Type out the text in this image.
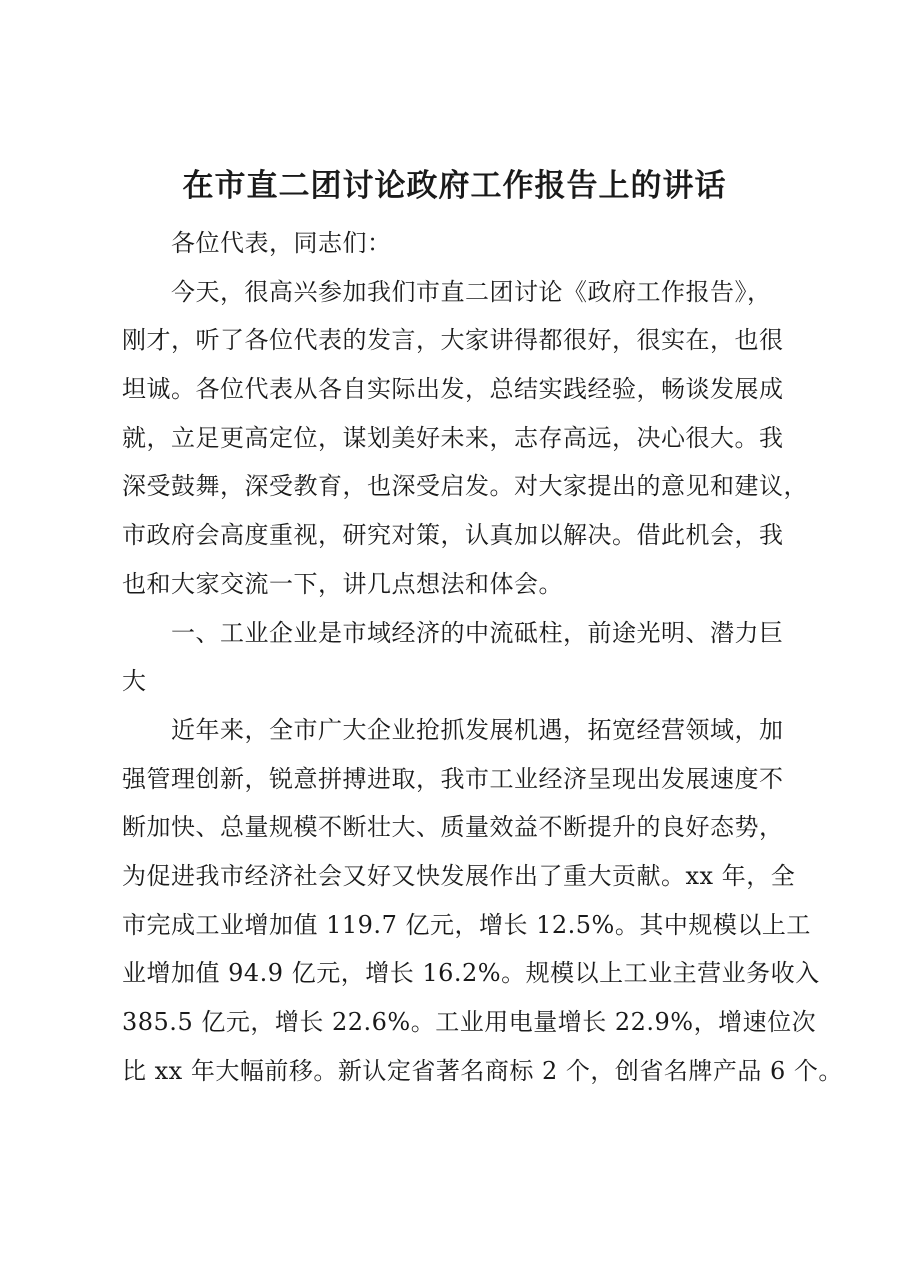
在市直二团讨论政府工作报告上的讲话
各位代表，同志们：
今天，很高兴参加我们市直二团讨论《政府工作报告》，
刚才，听了各位代表的发言，大家讲得都很好，很实在，也很
坦诚。各位代表从各自实际出发，总结实践经验，畅谈发展成
就，立足更高定位，谋划美好未来，志存高远，决心很大。我
深受鼓舞，深受教育，也深受启发。对大家提出的意见和建议，
市政府会高度重视，研究对策，认真加以解决。借此机会，我
也和大家交流一下，讲几点想法和体会。
一、工业企业是市域经济的中流砥柱，前途光明、潜力巨
大
近年来，全市广大企业抢抓发展机遇，拓宽经营领域，加
强管理创新，锐意拼搏进取，我市工业经济呈现出发展速度不
断加快、总量规模不断壮大、质量效益不断提升的良好态势，
为促进我市经济社会又好又快发展作出了重大贡献。xx 年，全
市完成工业增加值 119.7 亿元，增长 12.5%。其中规模以上工
业增加值 94.9 亿元，增长 16.2%。规模以上工业主营业务收入
385.5 亿元，增长 22.6%。工业用电量增长 22.9%，增速位次
比 xx 年大幅前移。新认定省著名商标 2 个，创省名牌产品 6 个。
